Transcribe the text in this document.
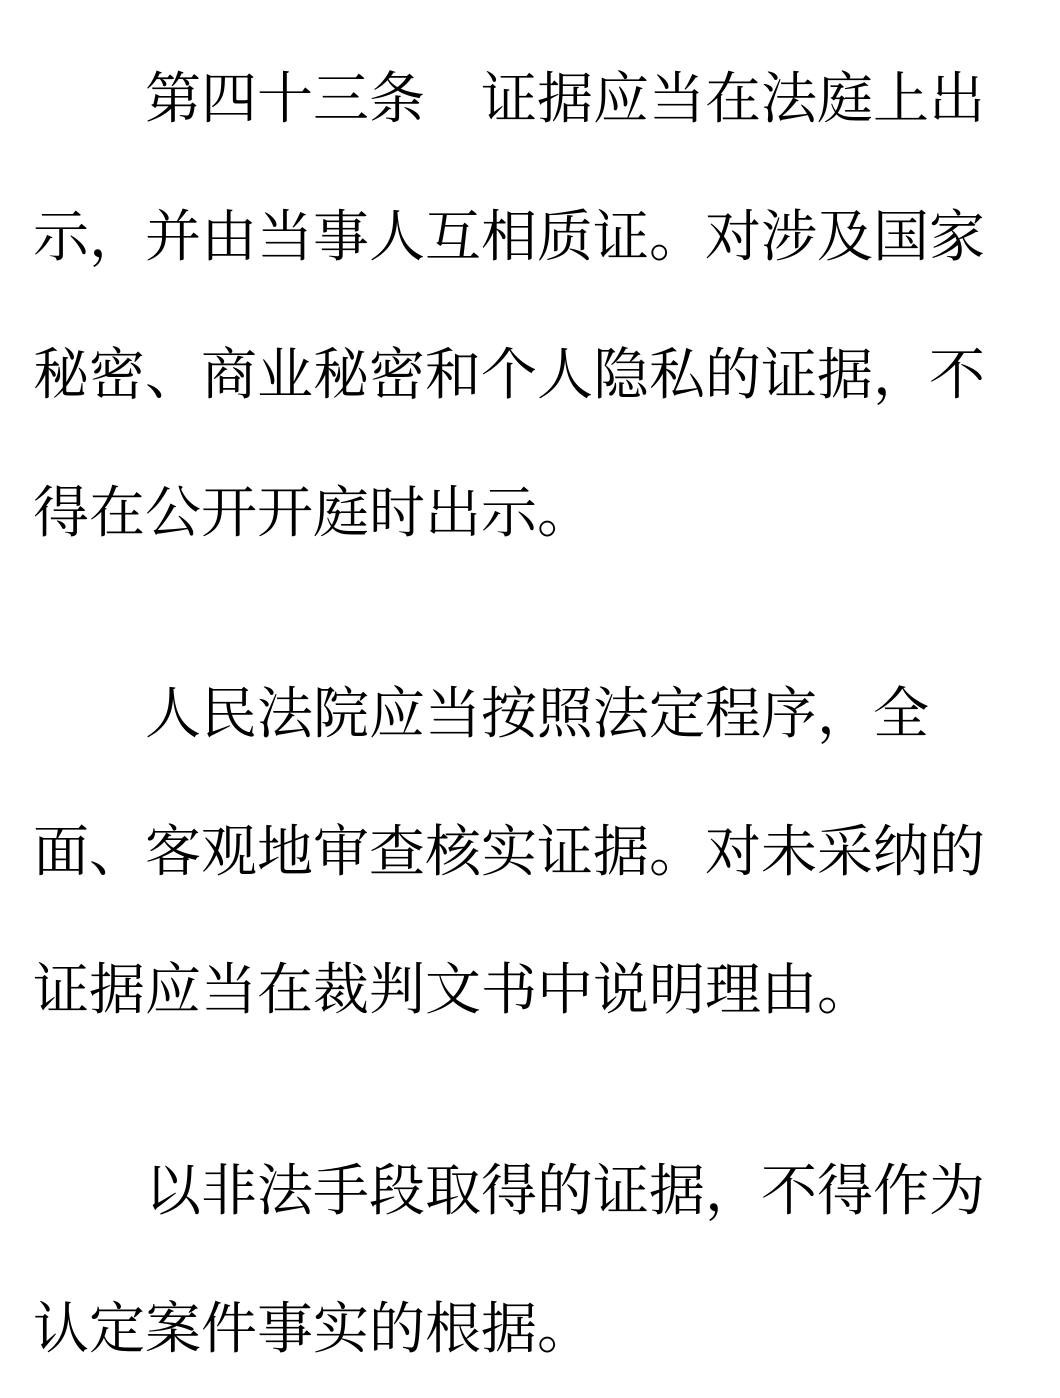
第四十三条　证据应当在法庭上出示，并由当事人互相质证。对涉及国家秘密、商业秘密和个人隐私的证据，不得在公开开庭时出示。

人民法院应当按照法定程序，全面、客观地审查核实证据。对未采纳的证据应当在裁判文书中说明理由。

以非法手段取得的证据，不得作为认定案件事实的根据。
